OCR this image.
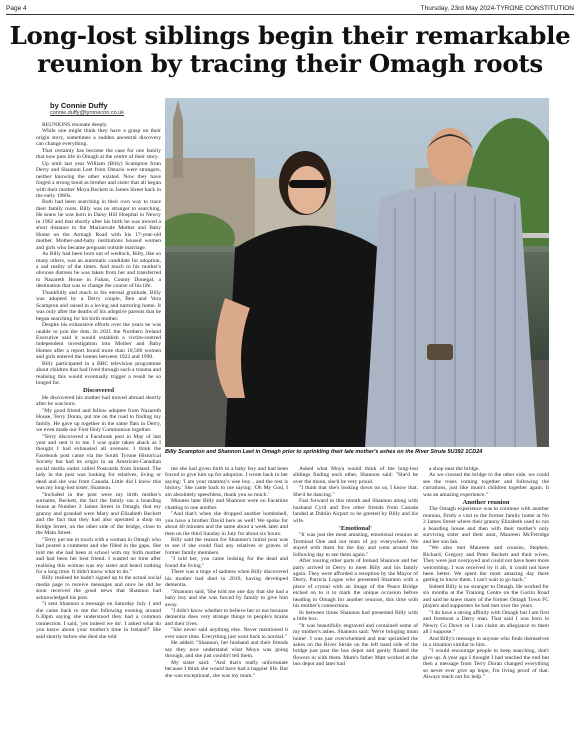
Page 4	Thursday, 23rd May 2024-TYRONE CONSTITUTION
Long-lost siblings begin their remarkable
reunion by tracing their Omagh roots
by Connie Duffy
connie.duffy@tyronecon.co.uk

REUNIONS resonate deeply.

While one might think they have a grasp on their origin story, sometimes a sudden ancestral discovery can change everything.

That certainly has become the case for one family that now puts life in Omagh at the centre of their story.

Up until last year William (Billy) Scampton from Derry and Shannon Leet from Ontario were strangers, neither knowing the other existed. Now they have forged a strong bond as brother and sister that all began with their mother Moya Beckett in James Street back in the early 1960s.

Both had been searching in their own way to trace their family roots. Billy was no stranger to searching. He knew he was born in Daisy Hill Hospital in Newry in 1962 and that shortly after his birth he was moved a short distance to the Marianvale Mother and Baby Home on the Armagh Road with his 17-year-old mother. Mother-and-baby institutions housed women and girls who became pregnant outside marriage.

As Billy had been born out of wedlock, Billy, like so many others, was an automatic candidate for adoption, a sad reality of the times. And much to his mother's obvious distress he was taken from her and transferred to Nazareth House in Fahan, County Donegal, a destination that was to change the course of his life.

Thankfully and much to his eternal gratitude, Billy was adopted by a Derry couple, Ben and Vera Scampton and raised in a loving and nurturing home. It was only after the deaths of his adoptive parents that he began searching for his birth mother.

Despite his exhaustive efforts over the years he was unable to join the dots. In 2021 the Northern Ireland Executive said it would establish a victim-centred independent investigation into Mother and Baby Homes after a report found more than 10,500 women and girls entered the homes between 1922 and 1990.

Billy participated in a BBC television programme about children that had lived through such a trauma and realising this would eventually trigger a result he so longed for.

Discovered

He discovered his mother had moved abroad shortly after he was born.

"My good friend and fellow adoptee from Nazareth House, Terry Doran, put me on the road to finding my family. He gave up together in the same flats in Derry, we even made our First Holy Communion together.

"Terry discovered a Facebook post in May of last year and sent it to me. I was quite taken aback as I thought I had exhausted all avenues. I think the Facebook post came via the South Tyrone Historical Society but had its origin in an American-Canadian social media outlet called Postcards from Ireland. The lady in the post was looking for relatives, living or dead and she was from Canada. Little did I know this was my long-lost sister, Shannon.

"Included in the post were my birth mother's surname, Beckett, the fact the family ran a boarding house at Number 2 James Street in Omagh, that my granny and grandad were Mary and Elizabeth Beckett and the fact that they had also operated a shop on Bridge Street, on the other side of the bridge, close to the Main Street.

"Terry put me in touch with a woman in Omagh who had posted a comment and she filled in the gaps. She told me she had been at school with my birth mother and had been her best friend. I wasted no time after realising this woman was my sister and heard nothing for a long time. It didn't know what to do."

Billy realised he hadn't signed up to the actual social media page to receive messages and once he did he soon received the good news that Shannon had acknowledged his post.

"I sent Shannon a message on Saturday July 1 and she came back to me the following evening around 6.30pm saying she understood they had a common connection. I said, 'yes indeed we do'. I asked what do you know about your mother's time in Ireland?' She said shortly before she died she told

Billy Scampton and Shannon Leet in Omagh prior to sprinkling their late mother's ashes on the River Strule 5U392 1CD24

me she had given birth to a baby boy and had been forced to give him up for adoption. I wrote back to her saying: 'I am your mammy's wee boy... and the rest is history.' She came back to me saying: 'Oh My God, I am absolutely speechless, thank you so much.'

Minutes later Billy and Shannon were on Facetime chatting to one another.

"And that's when she dropped another bombshell, you have a brother David here as well! We spoke for about 40 minutes and the same about a week later and then on the third Sunday in July for about six hours.

Billy said the reason for Shannon's initial post was to see if she could find any relatives or graves of former family members.

"I told her, you came looking for the dead and found the living."

There was a tinge of sadness when Billy discovered his mother had died in 2019, having developed dementia.

"Shannon said, 'She told me one day that she had a baby boy and she was forced by family to give him away.

"I didn't know whether to believe her or not because dementia does very strange things to people's brains and their lives.

"She never said anything else. Never mentioned it ever since time. Everything just went back to normal."

He added: "Shannon, her husband and their friends say they now understand what Moya was going through, and she just couldn't tell them.

My sister said: "And that's really unfortunate because I think she would have had a happier life. But she was exceptional, she was my mum."

Asked what Moya would think of the long-lost siblings finding each other, Shannon said: "She'd be over the moon, she'd be very proud.

"I think that she's looking down on us, I know that. She'd be dancing."

Fast forward to this month and Shannon along with husband Cyril and five other friends from Canada landed at Dublin Airport to be greeted by Billy and his wife.

'Emotional'

"It was just the most amazing, emotional reunion at Terminal One and not tears of joy everywhere. We stayed with them for the day and went around the following day to see them again."

After touring other parts of Ireland Shannon and her party arrived in Derry to meet Billy and his family again. They were afforded a reception by the Mayor of Derry, Patricia Logue who presented Shannon with a piece of crystal with an image of the Peace Bridge etched on to it to mark the unique occasion before heading to Omagh for another reunion, this time with his mother's connections.

In between times Shannon had presented Billy with a little box.

"It was beautifully engraved and contained some of my mother's ashes. Shannon said: 'We're bringing mum home'. I was just overwhelmed and tear sprinkled the ashes on the River Strule on the left hand side of the bridge just past the bus depot and gently floated the flowers in with them. Mum's father Matt worked at the bus depot and later had

a shop near the bridge.

As we crossed the bridge to the other side, we could see the roses coming together and following the currations, just like mum's children together again. It was an amazing experience."

Another reunion

The Omagh experience was to continue with another reunion, firstly a visit to the former family home at No 2 James Street where their granny Elizabeth used to run a boarding house and then with their mother's only surviving sister and their aunt, Maureen McFetridge and her son Ian.

"We also met Maureen and cousins, Stephen, Richard, Gregory and Peter Beckett and their wives. They were just overjoyed and could not have been more welcoming. I was received by it all, it could not have been better. We spent the most amazing day there getting to know them. I can't wait to go back."

Indeed Billy is no stranger to Omagh. He worked for six months at the Training Centre on the Gortin Road and said he knew many of the former Omagh Town FC players and supporters he had met over the years.

"I do have a strong affinity with Omagh but I am first and foremost a Derry man. That said I was born in Newry Co Down so I can claim an allegiance to them all I suppose."

And Billy's message to anyone who finds themselves in a situation similar to him.

"I would encourage people to keep searching, don't give up. A year ago I thought I had reached the end but then a message from Terry Doran changed everything so never ever give up hope, I'm living proof of that. Always reach out for help."
